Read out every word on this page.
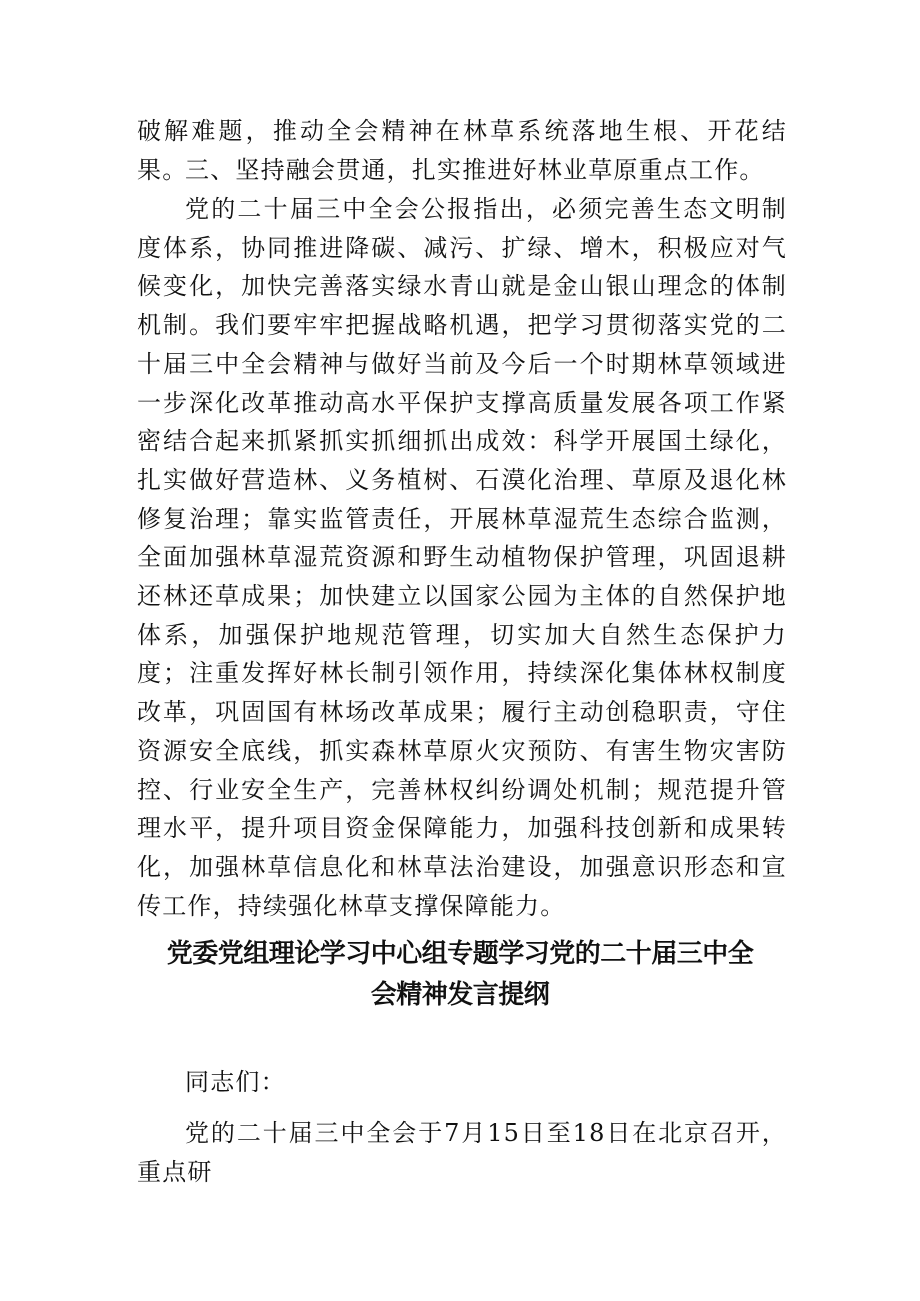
破解难题，推动全会精神在林草系统落地生根、开花结果。

三、坚持融会贯通，扎实推进好林业草原重点工作。

党的二十届三中全会公报指出，必须完善生态文明制度体系，协同推进降碳、减污、扩绿、增木，积极应对气候变化，加快完善落实绿水青山就是金山银山理念的体制机制。我们要牢牢把握战略机遇，把学习贯彻落实党的二十届三中全会精神与做好当前及今后一个时期林草领域进一步深化改革推动高水平保护支撑高质量发展各项工作紧密结合起来抓紧抓实抓细抓出成效：科学开展国土绿化，扎实做好营造林、义务植树、石漠化治理、草原及退化林修复治理；靠实监管责任，开展林草湿荒生态综合监测，全面加强林草湿荒资源和野生动植物保护管理，巩固退耕还林还草成果；加快建立以国家公园为主体的自然保护地体系，加强保护地规范管理，切实加大自然生态保护力度；注重发挥好林长制引领作用，持续深化集体林权制度改革，巩固国有林场改革成果；履行主动创稳职责，守住资源安全底线，抓实森林草原火灾预防、有害生物灾害防控、行业安全生产，完善林权纠纷调处机制；规范提升管理水平，提升项目资金保障能力，加强科技创新和成果转化，加强林草信息化和林草法治建设，加强意识形态和宣传工作，持续强化林草支撑保障能力。

党委党组理论学习中心组专题学习党的二十届三中全
会精神发言提纲

同志们：

党的二十届三中全会于7月15日至18日在北京召开，重点研
